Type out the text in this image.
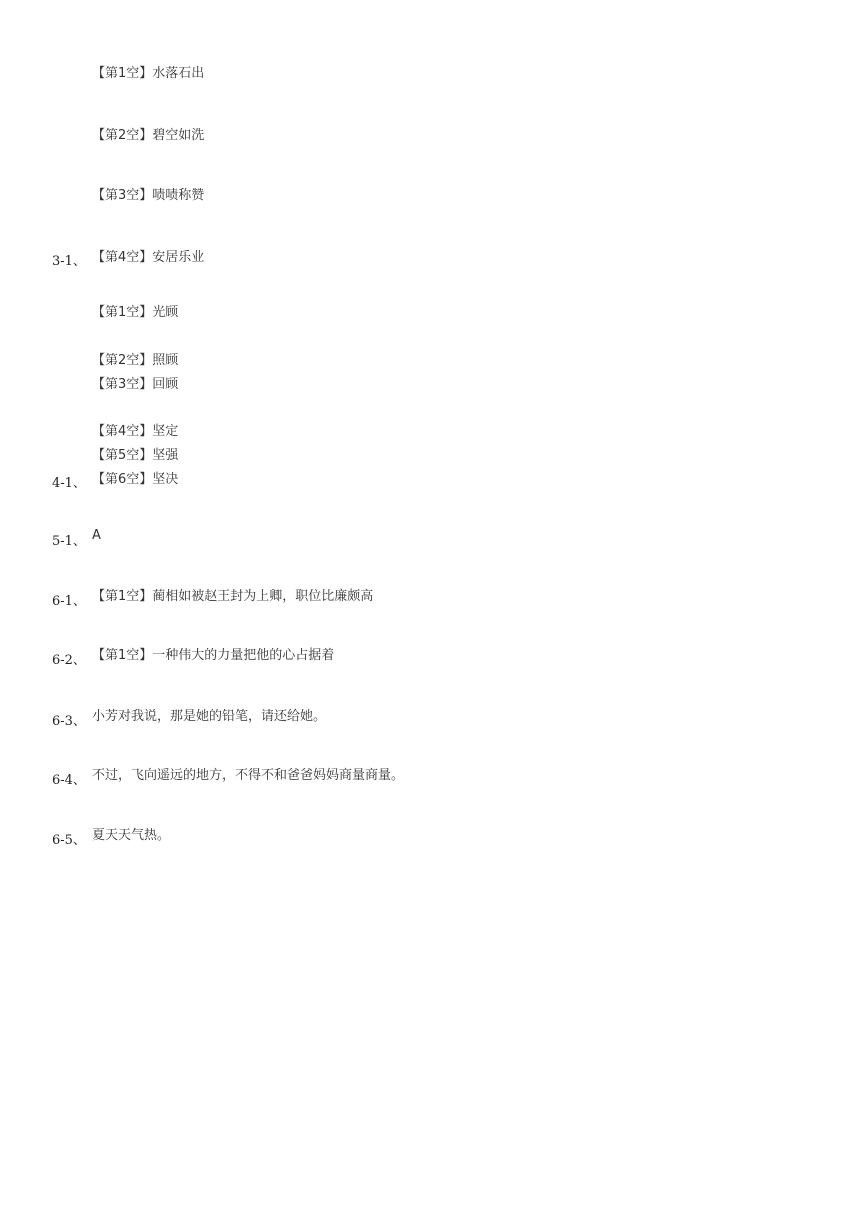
【第1空】水落石出
【第2空】碧空如洗
【第3空】啧啧称赞
3-1、 【第4空】安居乐业
【第1空】光顾
【第2空】照顾
【第3空】回顾
【第4空】坚定
【第5空】坚强
4-1、 【第6空】坚决
5-1、 A
6-1、 【第1空】蔺相如被赵王封为上卿，职位比廉颇高
6-2、 【第1空】一种伟大的力量把他的心占据着
6-3、 小芳对我说，那是她的铅笔，请还给她。
6-4、 不过，飞向遥远的地方，不得不和爸爸妈妈商量商量。
6-5、 夏天天气热。
